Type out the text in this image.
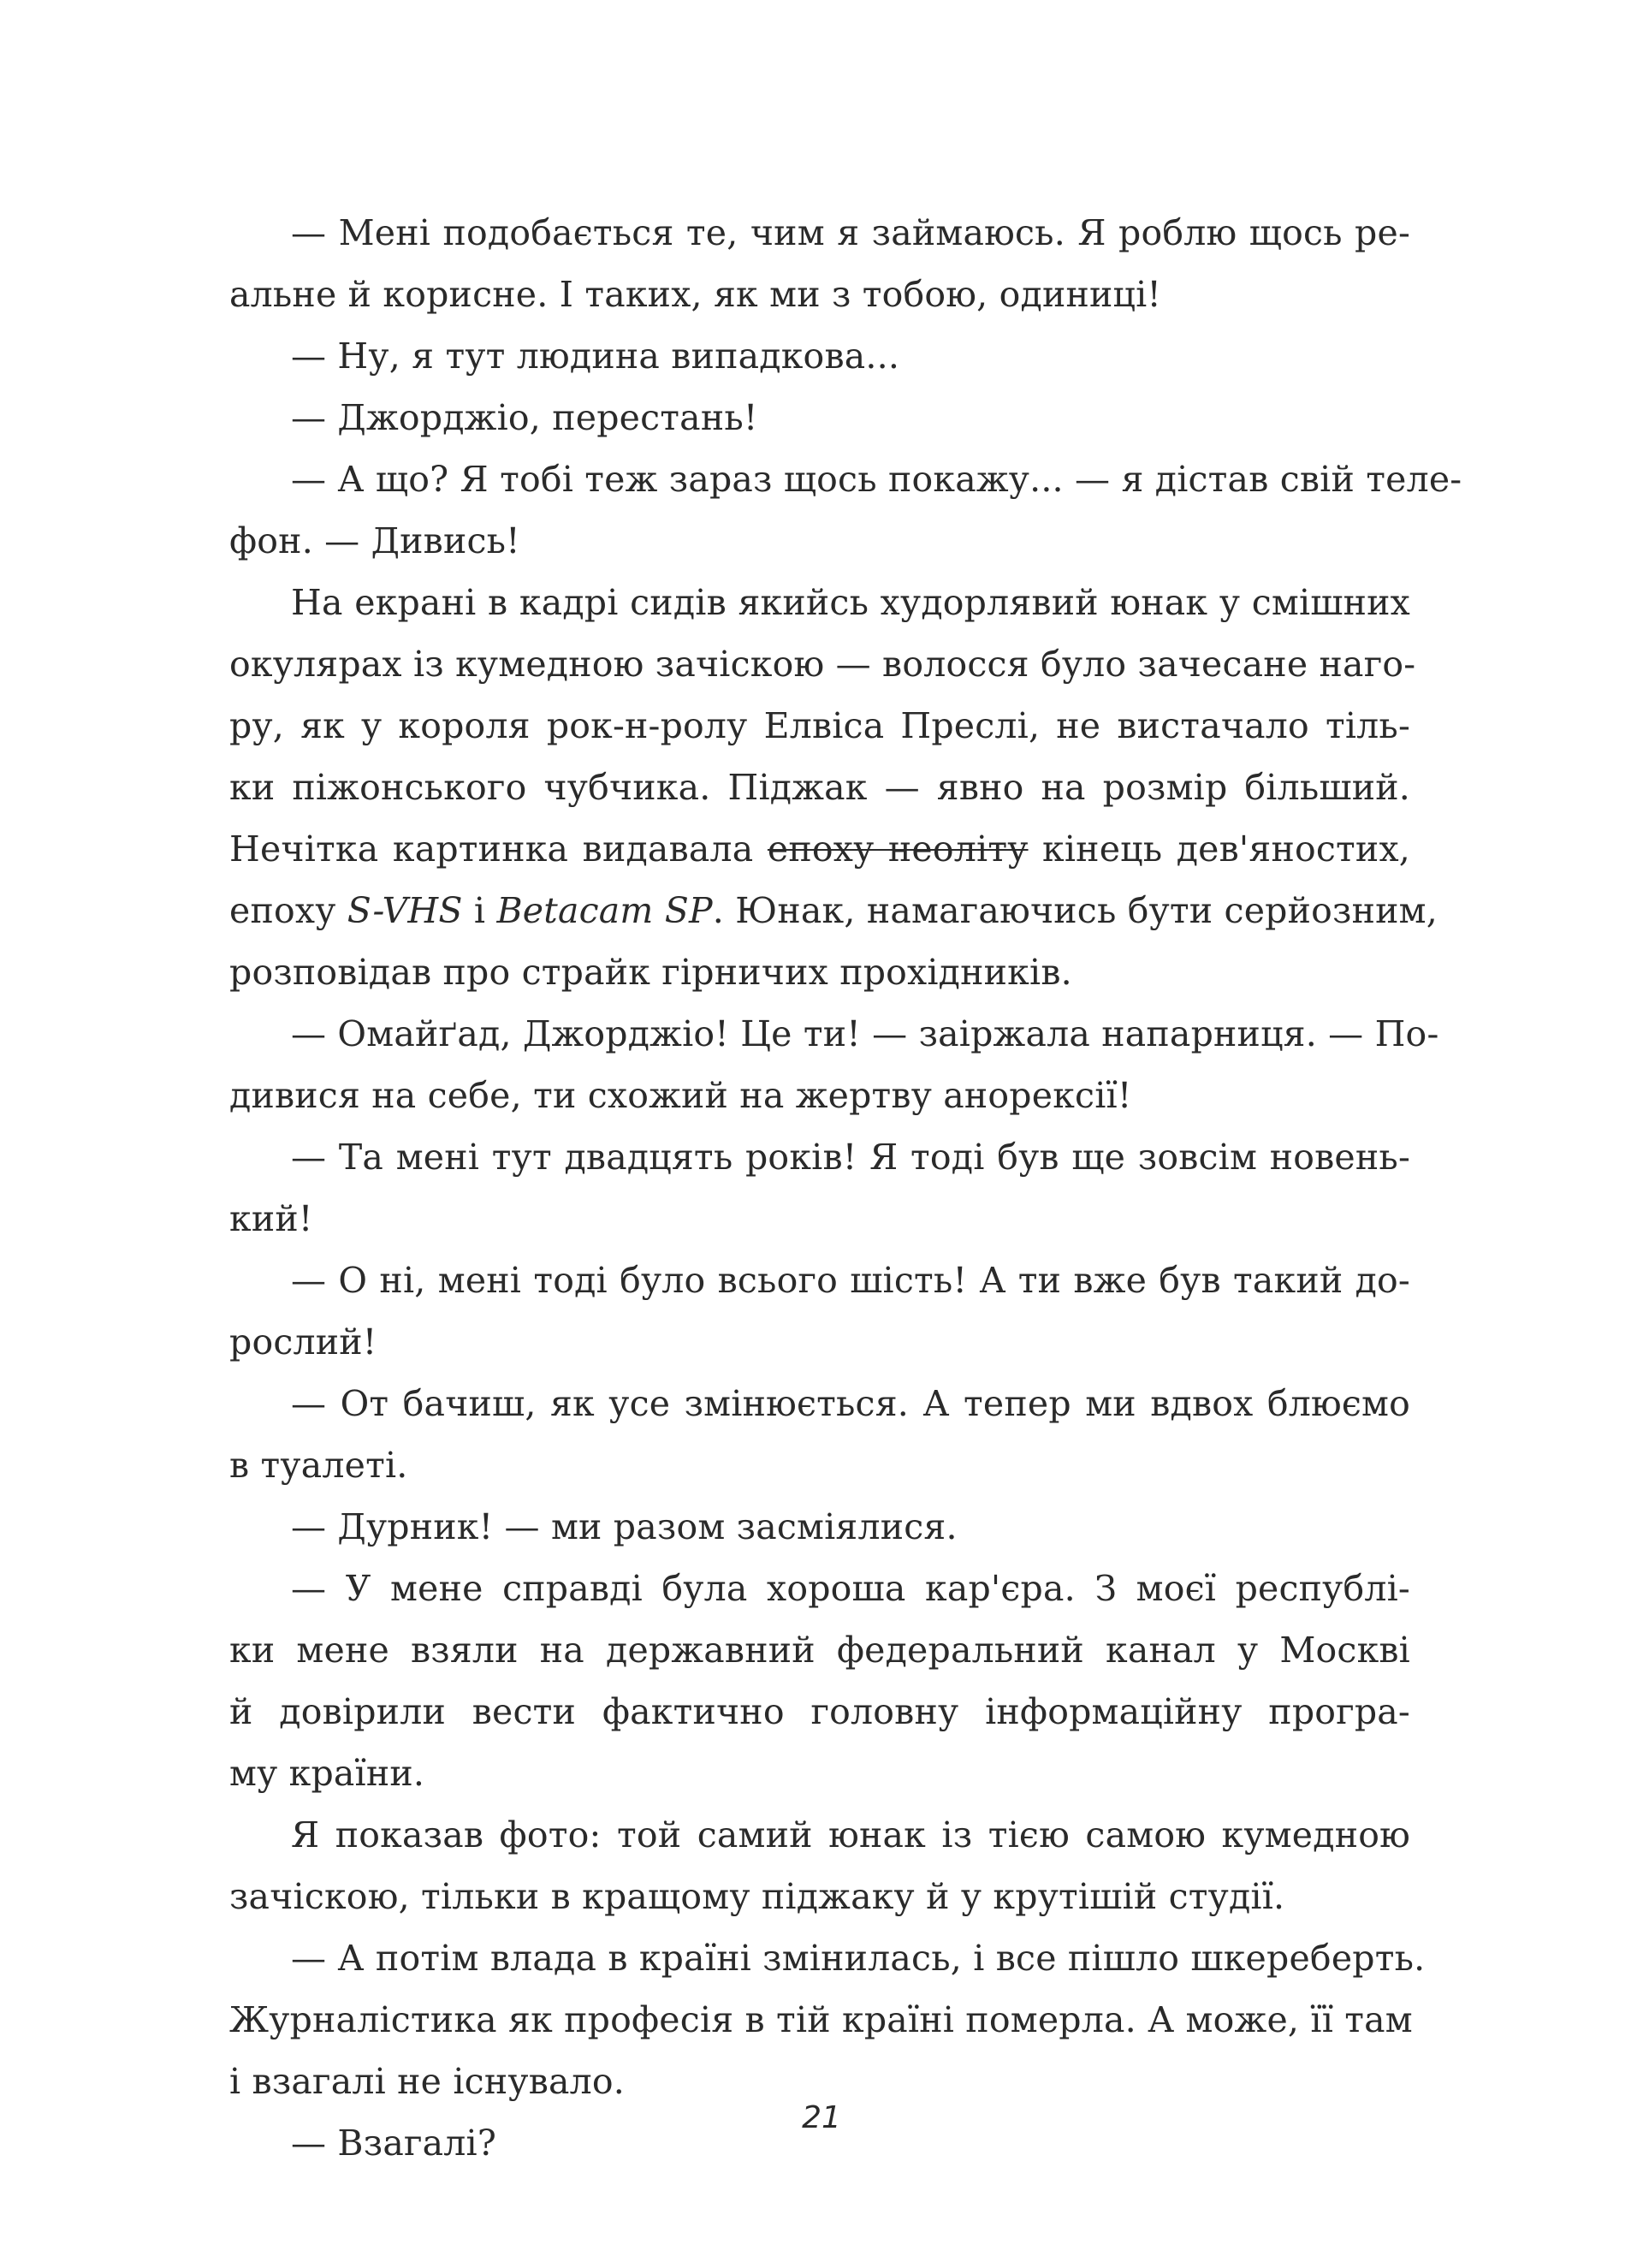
— Мені подобається те, чим я займаюсь. Я роблю щось ре-
альне й корисне. І таких, як ми з тобою, одиниці!
— Ну, я тут людина випадкова...
— Джорджіо, перестань!
— А що? Я тобі теж зараз щось покажу... — я дістав свій теле-
фон. — Дивись!
На екрані в кадрі сидів якийсь худорлявий юнак у смішних
окулярах із кумедною зачіскою — волосся було зачесане наго-
ру, як у короля рок-н-ролу Елвіса Преслі, не вистачало тіль-
ки піжонського чубчика. Піджак — явно на розмір більший.
Нечітка картинка видавала епоху неоліту кінець дев'яностих,
епоху S-VHS і Betacam SP. Юнак, намагаючись бути серйозним,
розповідав про страйк гірничих прохідників.
— Омайґад, Джорджіо! Це ти! — заіржала напарниця. — По-
дивися на себе, ти схожий на жертву анорексії!
— Та мені тут двадцять років! Я тоді був ще зовсім новень-
кий!
— О ні, мені тоді було всього шість! А ти вже був такий до-
рослий!
— От бачиш, як усе змінюється. А тепер ми вдвох блюємо
в туалеті.
— Дурник! — ми разом засміялися.
— У мене справді була хороша кар'єра. З моєї республі-
ки мене взяли на державний федеральний канал у Москві
й довірили вести фактично головну інформаційну програ-
му країни.
Я показав фото: той самий юнак із тією самою кумедною
зачіскою, тільки в кращому піджаку й у крутішій студії.
— А потім влада в країні змінилась, і все пішло шкереберть.
Журналістика як професія в тій країні померла. А може, її там
і взагалі не існувало.
— Взагалі?
21
